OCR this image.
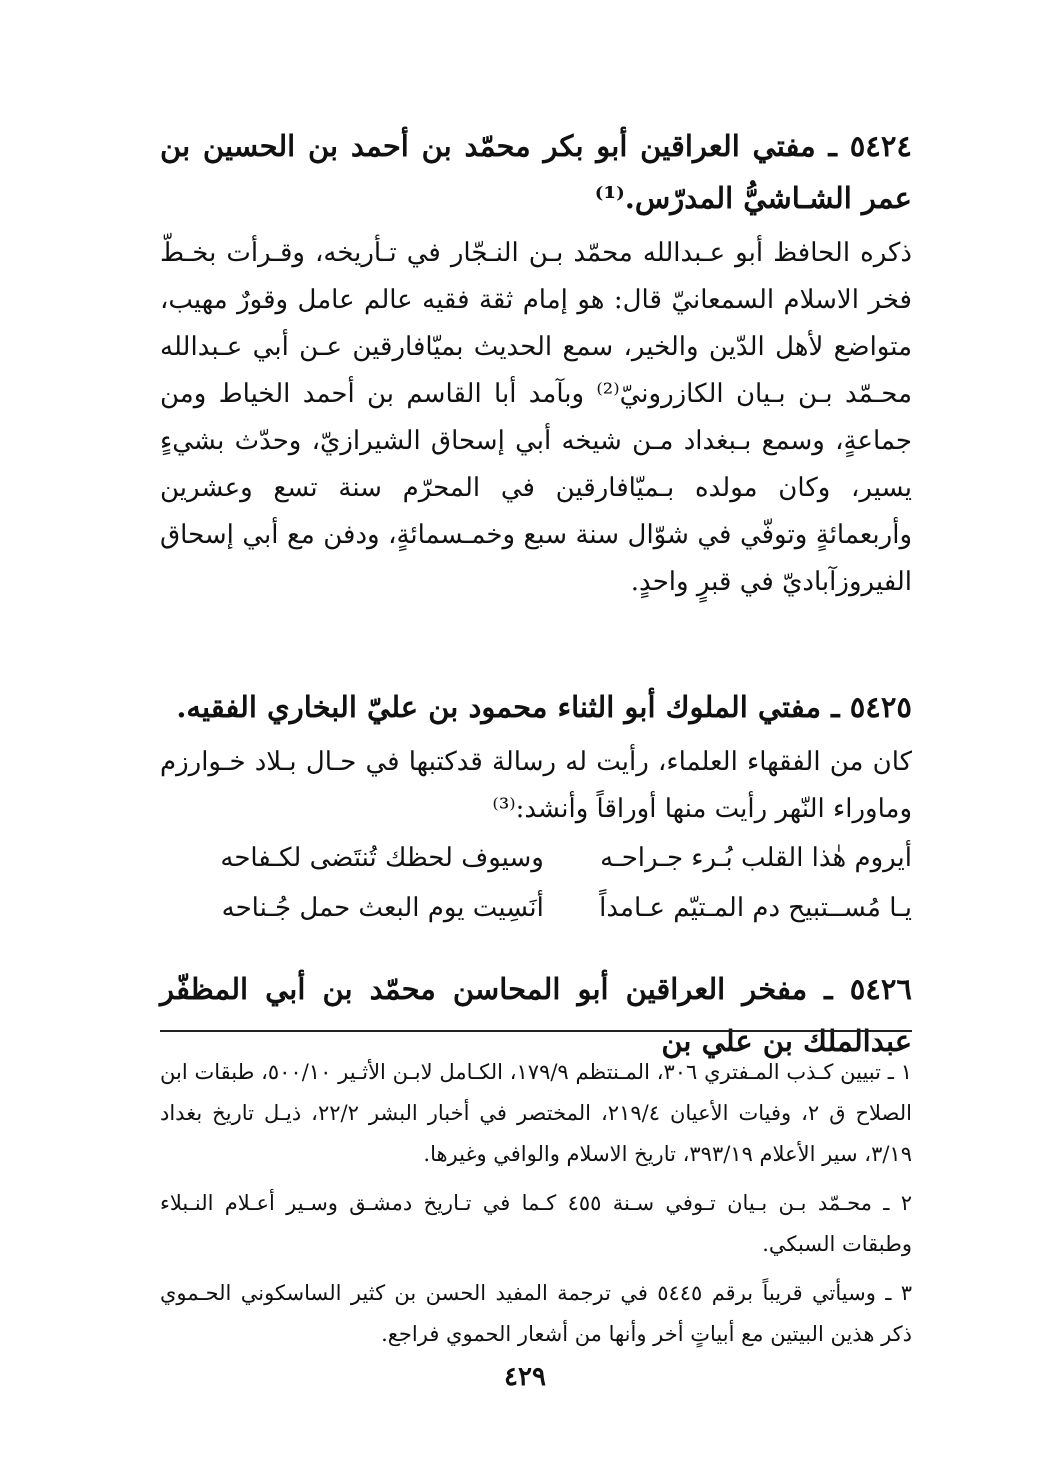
٥٤٢٤ ـ مفتي العراقين أبو بكر محمّد بن أحمد بن الحسين بن عمر الشـاشيُّ المدرّس.⁽¹⁾

ذكره الحافظ أبو عـبدالله محمّد بـن النـجّار في تـأريخه، وقـرأت بخـطّ فخر الاسلام السمعانيّ قال: هو إمام ثقة فقيه عالم عامل وقورٌ مهيب، متواضع لأهل الدّين والخير، سمع الحديث بميّافارقين عـن أبي عـبدالله محـمّد بـن بـيان الكازرونيّ⁽²⁾ وبآمد أبا القاسم بن أحمد الخياط ومن جماعةٍ، وسمع بـبغداد مـن شيخه أبي إسحاق الشيرازيّ، وحدّث بشيءٍ يسير، وكان مولده بـميّافارقين في المحرّم سنة تسع وعشرين وأربعمائةٍ وتوفّي في شوّال سنة سبع وخمـسمائةٍ، ودفن مع أبي إسحاق الفيروزآباديّ في قبرٍ واحدٍ.

٥٤٢٥ ـ مفتي الملوك أبو الثناء محمود بن عليّ البخاري الفقيه.

كان من الفقهاء العلماء، رأيت له رسالة قدكتبها في حـال بـلاد خـوارزم وماوراء النّهر رأيت منها أوراقاً وأنشد:⁽³⁾

أيروم هٰذا القلب بُـرء جـراحـه
وسيوف لحظك تُنتَضى لكـفاحه
يـا مُســتبيح دم المـتيّم عـامداً
أنَسِيت يوم البعث حمل جُـناحه

٥٤٢٦ ـ مفخر العراقين أبو المحاسن محمّد بن أبي المظفّر عبدالملك بن علي بن

١ ـ تبيين كـذب المـفتري ٣٠٦، المـنتظم ١٧٩/٩، الكـامل لابـن الأثـير ٥٠٠/١٠، طبقات ابن الصلاح ق ٢، وفيات الأعيان ٢١٩/٤، المختصر في أخبار البشر ٢٢/٢، ذيـل تاريخ بغداد ٣/١٩، سير الأعلام ٣٩٣/١٩، تاريخ الاسلام والوافي وغيرها.

٢ ـ محـمّد بـن بـيان تـوفي سـنة ٤٥٥ كـما في تـاريخ دمشـق وسـير أعـلام النـبلاء وطبقات السبكي.

٣ ـ وسيأتي قريباً برقم ٥٤٤٥ في ترجمة المفيد الحسن بن كثير الساسكوني الحـموي ذكر هذين البيتين مع أبياتٍ أخر وأنها من أشعار الحموي فراجع.

٤٢٩
